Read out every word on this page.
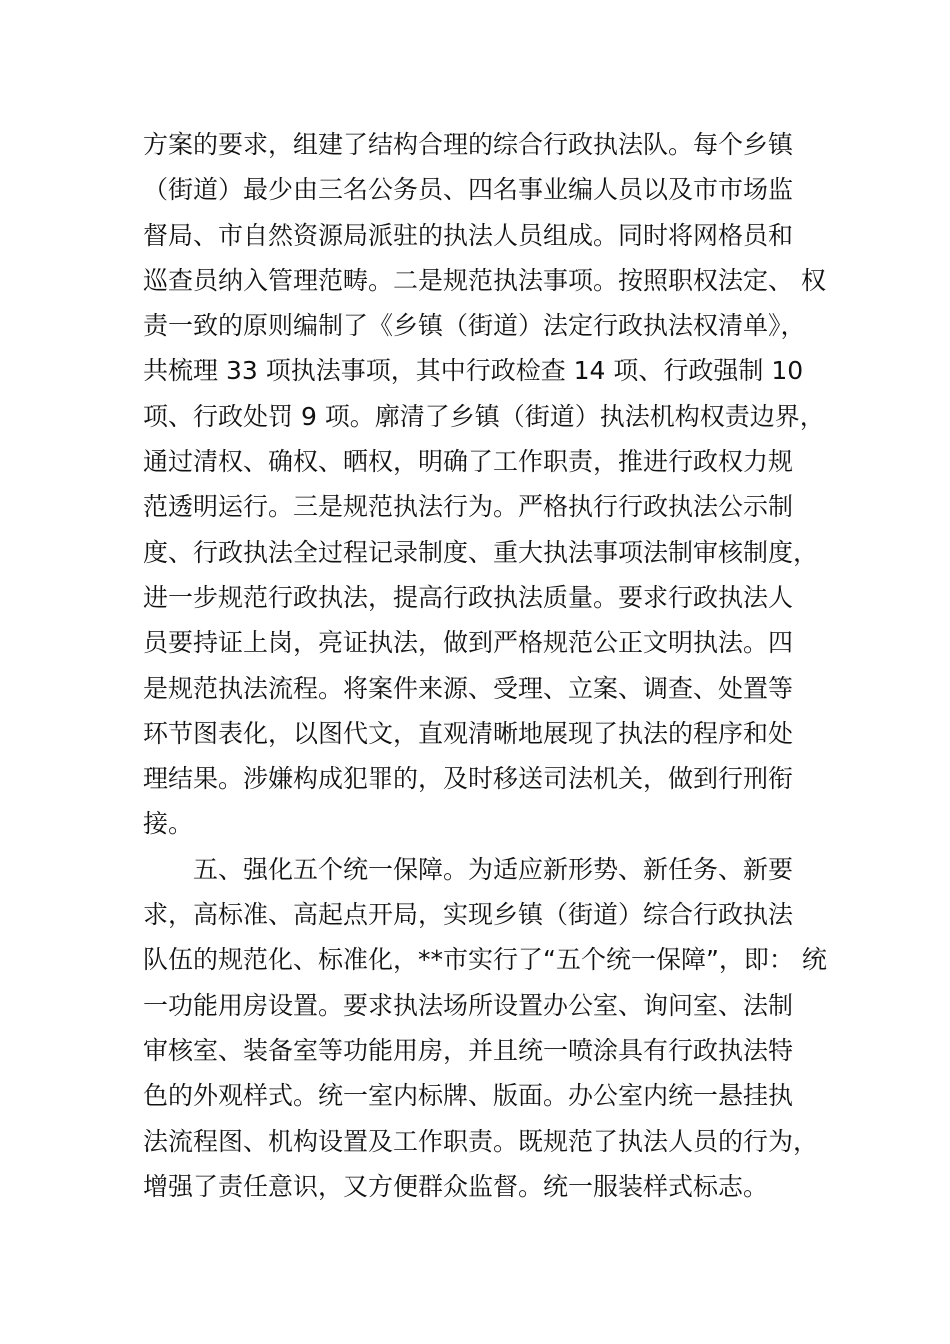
方案的要求，组建了结构合理的综合行政执法队。每个乡镇
（街道）最少由三名公务员、四名事业编人员以及市市场监
督局、市自然资源局派驻的执法人员组成。同时将网格员和
巡查员纳入管理范畴。二是规范执法事项。按照职权法定、 权
责一致的原则编制了《乡镇（街道）法定行政执法权清单》，
共梳理 33 项执法事项，其中行政检查 14 项、行政强制 10
项、行政处罚 9 项。廓清了乡镇（街道）执法机构权责边界，
通过清权、确权、晒权，明确了工作职责，推进行政权力规
范透明运行。三是规范执法行为。严格执行行政执法公示制
度、行政执法全过程记录制度、重大执法事项法制审核制度，
进一步规范行政执法，提高行政执法质量。要求行政执法人
员要持证上岗，亮证执法，做到严格规范公正文明执法。四
是规范执法流程。将案件来源、受理、立案、调查、处置等
环节图表化，以图代文，直观清晰地展现了执法的程序和处
理结果。涉嫌构成犯罪的，及时移送司法机关，做到行刑衔
接。
五、强化五个统一保障。为适应新形势、新任务、新要
求，高标准、高起点开局，实现乡镇（街道）综合行政执法
队伍的规范化、标准化，**市实行了“五个统一保障”，即： 统
一功能用房设置。要求执法场所设置办公室、询问室、法制
审核室、装备室等功能用房，并且统一喷涂具有行政执法特
色的外观样式。统一室内标牌、版面。办公室内统一悬挂执
法流程图、机构设置及工作职责。既规范了执法人员的行为，
增强了责任意识，又方便群众监督。统一服装样式标志。
